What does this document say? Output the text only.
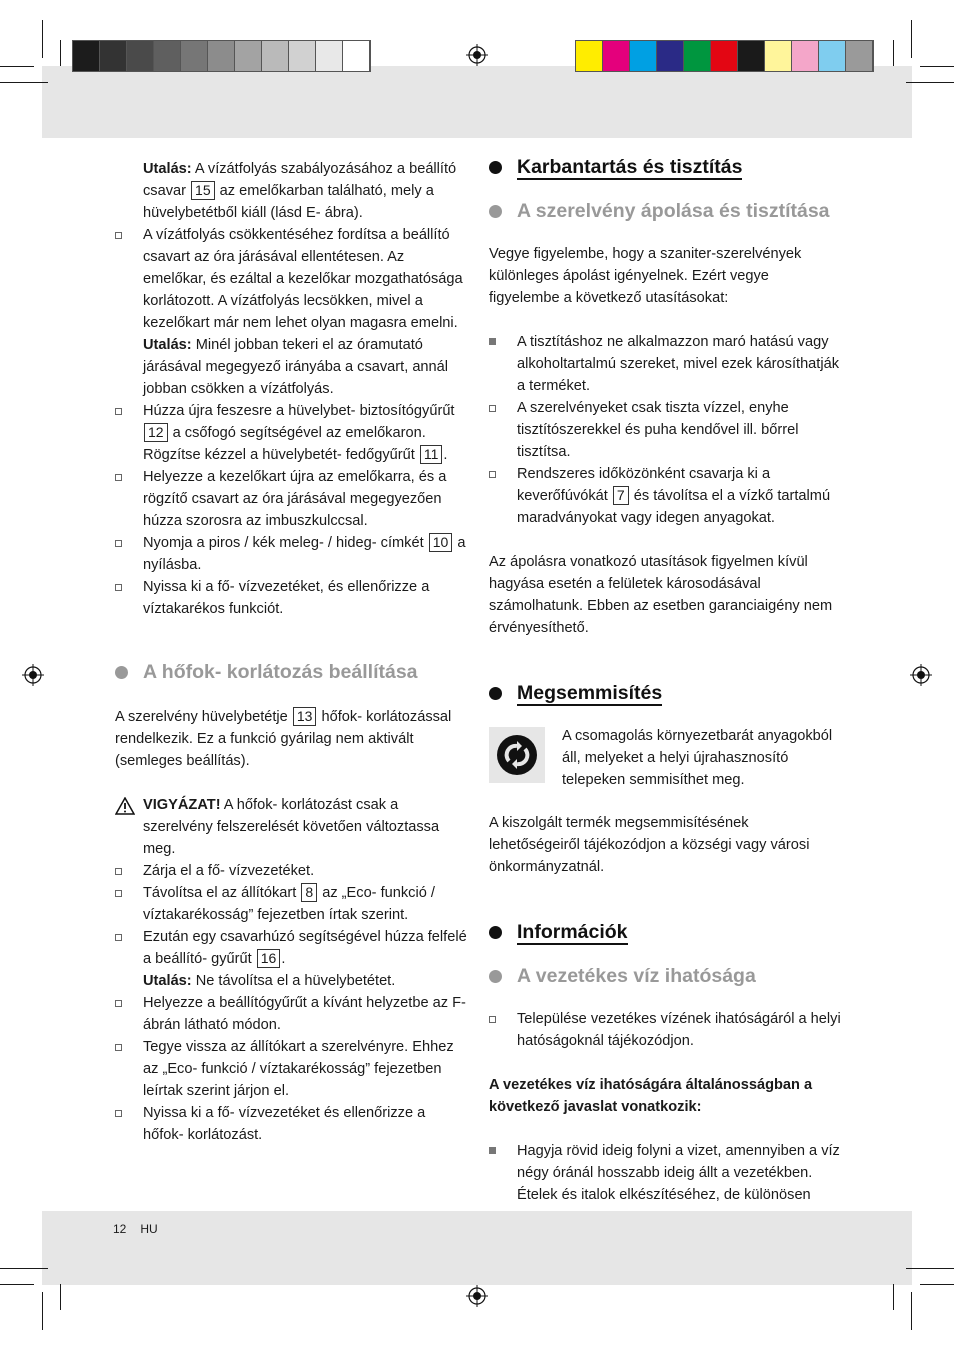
Utalás: A vízátfolyás szabályozásához a beállító csavar 15 az emelőkarban található, mely a hüvelybetétből kiáll (lásd E- ábra).

A vízátfolyás csökkentéséhez fordítsa a beállító csavart az óra járásával ellentétesen. Az emelőkar, és ezáltal a kezelőkar mozgathatósága korlátozott. A vízátfolyás lecsökken, mivel a kezelőkart már nem lehet olyan magasra emelni.

Utalás: Minél jobban tekeri el az óramutató járásával megegyező irányába a csavart, annál jobban csökken a vízátfolyás.

Húzza újra feszesre a hüvelybet- biztosítógyűrűt 12 a csőfogó segítségével az emelőkaron. Rögzítse kézzel a hüvelybetét- fedőgyűrűt 11 .
Helyezze a kezelőkart újra az emelőkarra, és a rögzítő csavart az óra járásával megegyezően húzza szorosra az imbuszkulccsal.
Nyomja a piros / kék meleg- / hideg- címkét 10 a nyílásba.
Nyissa ki a fő- vízvezetéket, és ellenőrizze a víztakarékos funkciót.
A hőfok- korlátozás beállítása

A szerelvény hüvelybetétje 13 hőfok- korlátozással rendelkezik. Ez a funkció gyárilag nem aktivált (semleges beállítás).

VIGYÁZAT! A hőfok- korlátozást csak a szerelvény felszerelését követően változtassa meg.
Zárja el a fő- vízvezetéket.
Távolítsa el az állítókart 8 az „Eco- funkció / víztakarékosság” fejezetben írtak szerint.
Ezután egy csavarhúzó segítségével húzza felfelé a beállító- gyűrűt 16 .

Utalás: Ne távolítsa el a hüvelybetétet.

Helyezze a beállítógyűrűt a kívánt helyzetbe az F- ábrán látható módon.
Tegye vissza az állítókart a szerelvényre. Ehhez az „Eco- funkció / víztakarékosság” fejezetben leírtak szerint járjon el.
Nyissa ki a fő- vízvezetéket és ellenőrizze a hőfok- korlátozást.
Karbantartás és tisztítás
A szerelvény ápolása és tisztítása

Vegye figyelembe, hogy a szaniter-szerelvények különleges ápolást igényelnek. Ezért vegye figyelembe a következő utasításokat:

A tisztításhoz ne alkalmazzon maró hatású vagy alkoholtartalmú szereket, mivel ezek károsíthatják a terméket.
A szerelvényeket csak tiszta vízzel, enyhe tisztítószerekkel és puha kendővel ill. bőrrel tisztítsa.
Rendszeres időközönként csavarja ki a keverőfúvókát 7 és távolítsa el a vízkő tartalmú maradványokat vagy idegen anyagokat.

Az ápolásra vonatkozó utasítások figyelmen kívül hagyása esetén a felületek károsodásával számolhatunk. Ebben az esetben garanciaigény nem érvényesíthető.

Megsemmisítés

A csomagolás környezetbarát anyagokból áll, melyeket a helyi újrahasznosító telepeken semmisíthet meg.

A kiszolgált termék megsemmisítésének lehetőségeiről tájékozódjon a községi vagy városi önkormányzatnál.

Információk
A vezetékes víz ihatósága
Települése vezetékes vízének ihatóságáról a helyi hatóságoknál tájékozódjon.

A vezetékes víz ihatóságára általánosságban a következő javaslat vonatkozik:

Hagyja rövid ideig folyni a vizet, amennyiben a víz négy óránál hosszabb ideig állt a vezetékben. Ételek és italok elkészítéséhez, de különösen
12 HU
